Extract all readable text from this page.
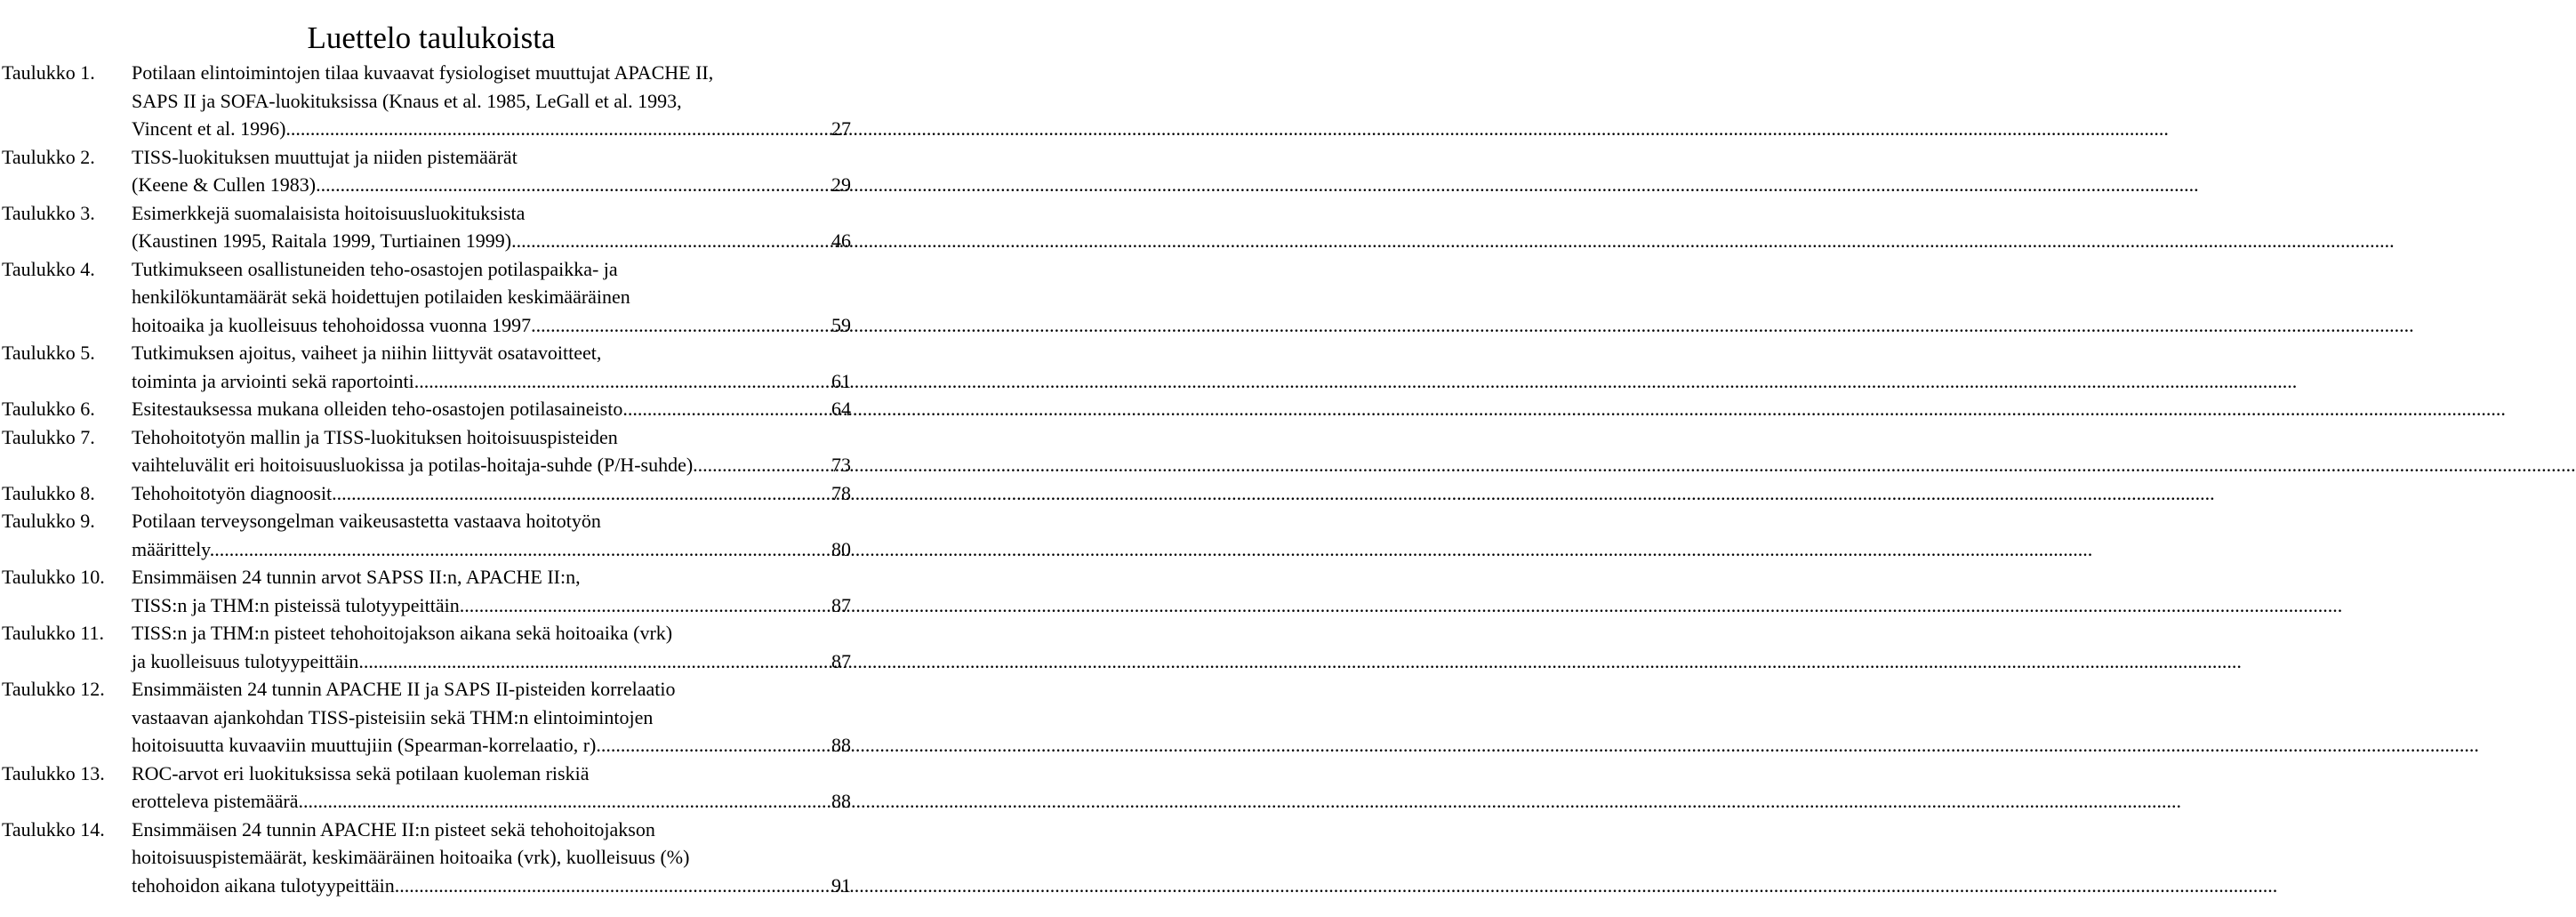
Luettelo taulukoista
Taulukko 1. Potilaan elintoimintojen tilaa kuvaavat fysiologiset muuttujat APACHE II,
SAPS II ja SOFA-luokituksissa (Knaus et al. 1985, LeGall et al. 1993,
Vincent et al. 1996). .....	27
Taulukko 2. TISS-luokituksen muuttujat ja niiden pistemäärät
(Keene & Cullen 1983). .....	29
Taulukko 3. Esimerkkejä suomalaisista hoitoisuusluokituksista
(Kaustinen 1995, Raitala 1999, Turtiainen 1999). .....	46
Taulukko 4. Tutkimukseen osallistuneiden teho-osastojen potilaspaikka- ja
henkilökuntamäärät sekä hoidettujen potilaiden keskimääräinen
hoitoaika ja kuolleisuus tehohoidossa vuonna 1997. .....	59
Taulukko 5. Tutkimuksen ajoitus, vaiheet ja niihin liittyvät osatavoitteet,
toiminta ja arviointi sekä raportointi. .....	61
Taulukko 6. Esitestauksessa mukana olleiden teho-osastojen potilasaineisto. .....	64
Taulukko 7. Tehohoitotyön mallin ja TISS-luokituksen hoitoisuuspisteiden
vaihteluvälit eri hoitoisuusluokissa ja potilas-hoitaja-suhde (P/H-suhde). .....	73
Taulukko 8. Tehohoitotyön diagnoosit. .....	78
Taulukko 9. Potilaan terveysongelman vaikeusastetta vastaava hoitotyön
määrittely. .....	80
Taulukko 10. Ensimmäisen 24 tunnin arvot SAPSS II:n, APACHE II:n,
TISS:n ja THM:n pisteissä tulotyypeittäin. .....	87
Taulukko 11. TISS:n ja THM:n pisteet tehohoitojakson aikana sekä hoitoaika (vrk)
ja kuolleisuus tulotyypeittäin. .....	87
Taulukko 12. Ensimmäisten 24 tunnin APACHE II ja SAPS II-pisteiden korrelaatio
vastaavan ajankohdan TISS-pisteisiin sekä THM:n elintoimintojen
hoitoisuutta kuvaaviin muuttujiin (Spearman-korrelaatio, r). .....	88
Taulukko 13. ROC-arvot eri luokituksissa sekä potilaan kuoleman riskiä
erotteleva pistemäärä. .....	88
Taulukko 14. Ensimmäisen 24 tunnin APACHE II:n pisteet sekä tehohoitojakson
hoitoisuuspistemäärät, keskimääräinen hoitoaika (vrk), kuolleisuus (%)
tehohoidon aikana tulotyypeittäin. .....	91
